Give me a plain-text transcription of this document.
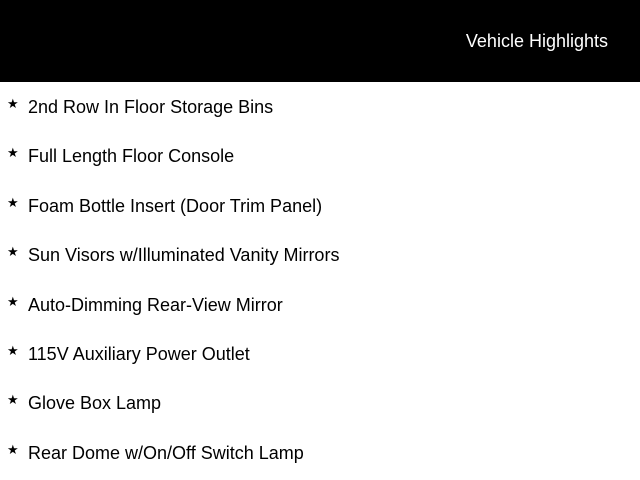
Vehicle Highlights
★ 2nd Row In Floor Storage Bins
★ Full Length Floor Console
★ Foam Bottle Insert (Door Trim Panel)
★ Sun Visors w/Illuminated Vanity Mirrors
★ Auto-Dimming Rear-View Mirror
★ 115V Auxiliary Power Outlet
★ Glove Box Lamp
★ Rear Dome w/On/Off Switch Lamp
